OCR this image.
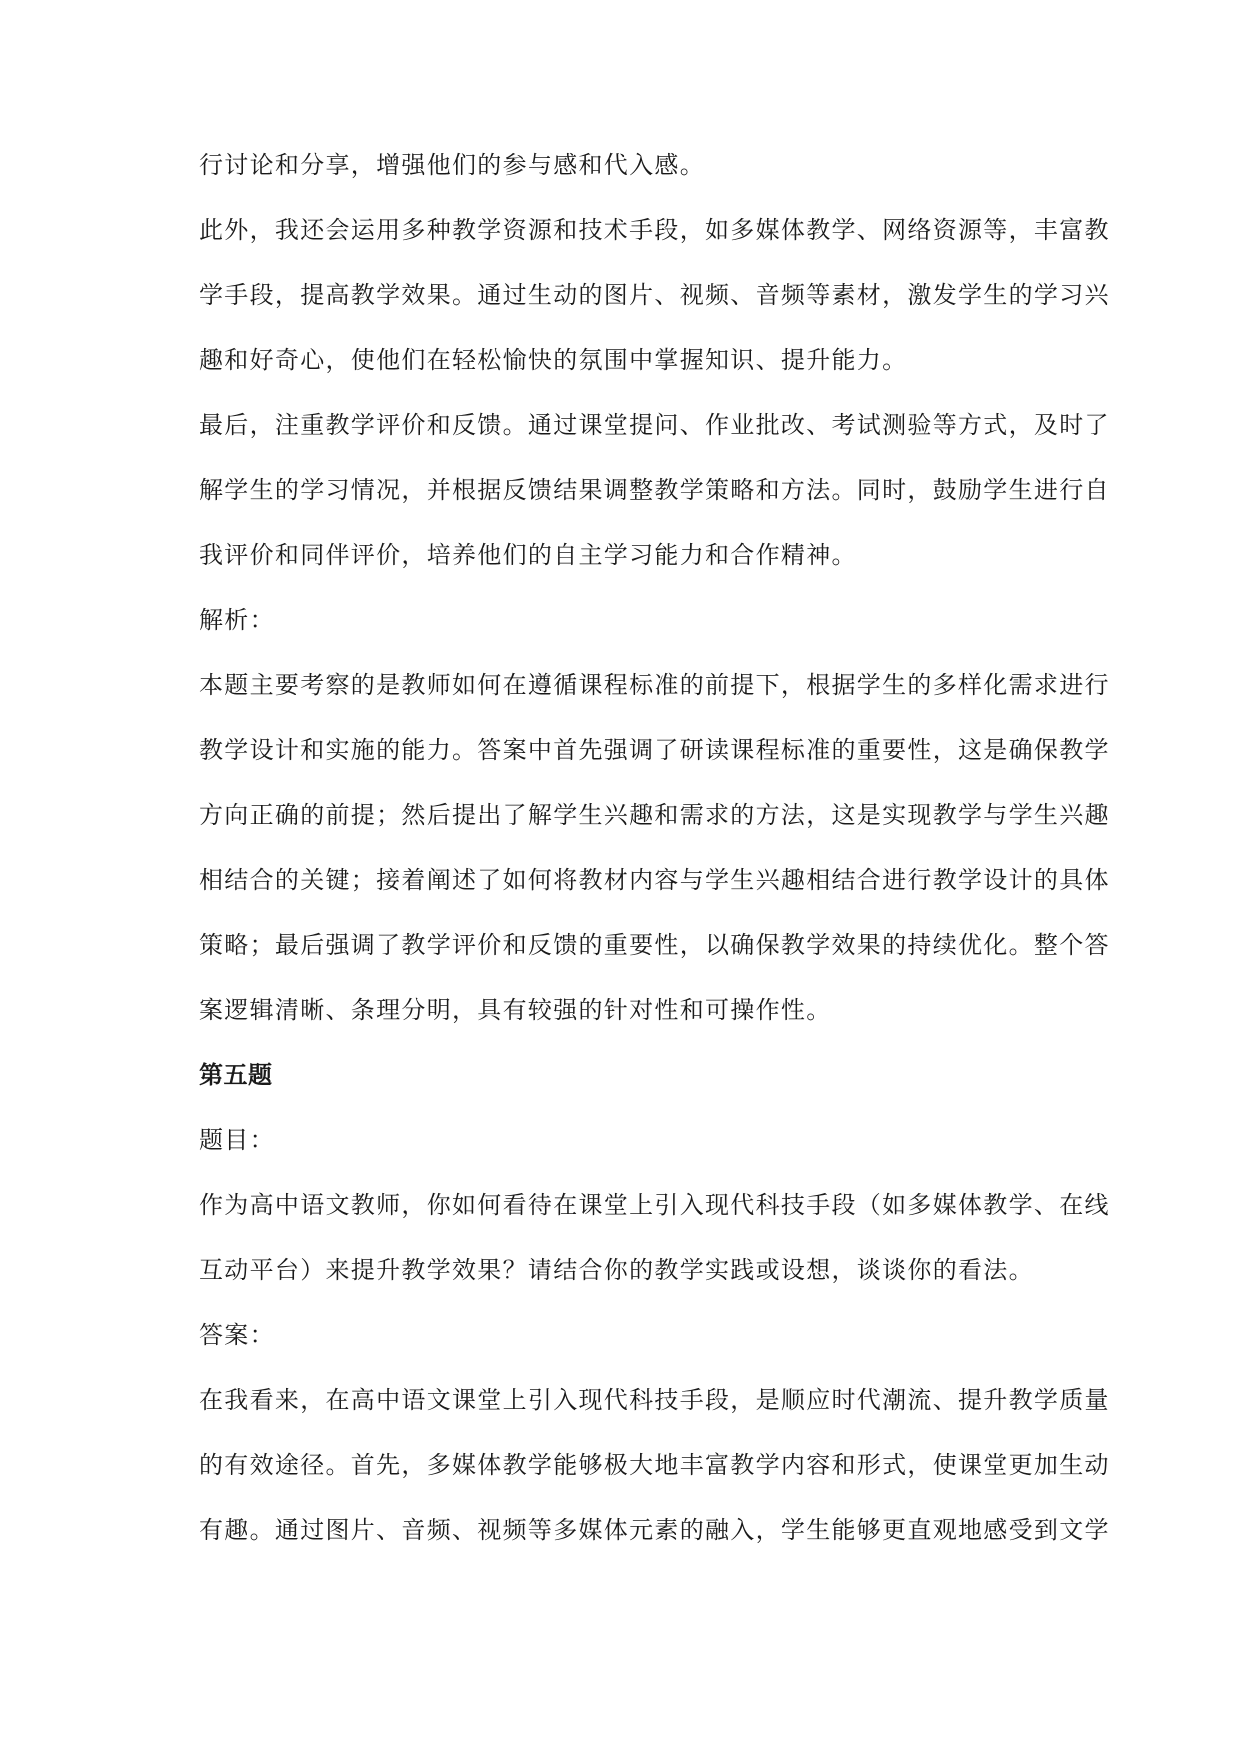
行讨论和分享，增强他们的参与感和代入感。

此外，我还会运用多种教学资源和技术手段，如多媒体教学、网络资源等，丰富教

学手段，提高教学效果。通过生动的图片、视频、音频等素材，激发学生的学习兴

趣和好奇心，使他们在轻松愉快的氛围中掌握知识、提升能力。

最后，注重教学评价和反馈。通过课堂提问、作业批改、考试测验等方式，及时了

解学生的学习情况，并根据反馈结果调整教学策略和方法。同时，鼓励学生进行自

我评价和同伴评价，培养他们的自主学习能力和合作精神。

解析：

本题主要考察的是教师如何在遵循课程标准的前提下，根据学生的多样化需求进行

教学设计和实施的能力。答案中首先强调了研读课程标准的重要性，这是确保教学

方向正确的前提；然后提出了解学生兴趣和需求的方法，这是实现教学与学生兴趣

相结合的关键；接着阐述了如何将教材内容与学生兴趣相结合进行教学设计的具体

策略；最后强调了教学评价和反馈的重要性，以确保教学效果的持续优化。整个答

案逻辑清晰、条理分明，具有较强的针对性和可操作性。

第五题

题目：

作为高中语文教师，你如何看待在课堂上引入现代科技手段（如多媒体教学、在线

互动平台）来提升教学效果？请结合你的教学实践或设想，谈谈你的看法。

答案：

在我看来，在高中语文课堂上引入现代科技手段，是顺应时代潮流、提升教学质量

的有效途径。首先，多媒体教学能够极大地丰富教学内容和形式，使课堂更加生动

有趣。通过图片、音频、视频等多媒体元素的融入，学生能够更直观地感受到文学
